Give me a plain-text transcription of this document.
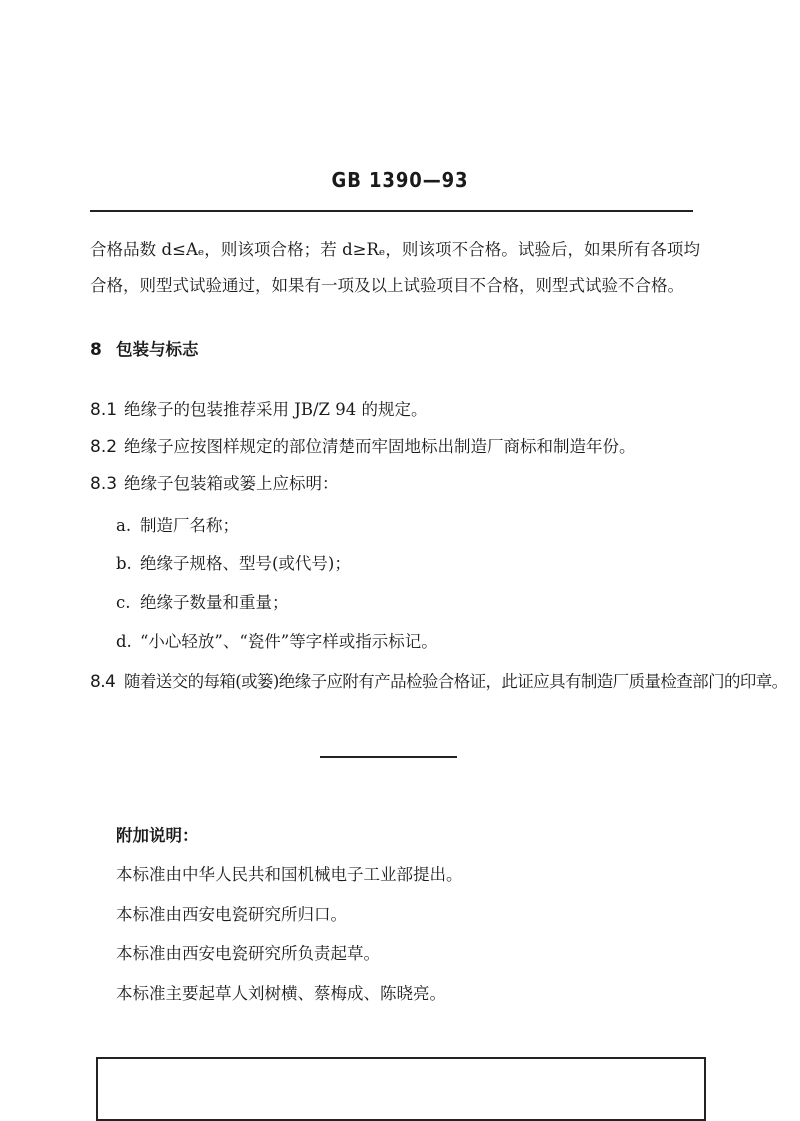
GB 1390—93
合格品数 d≤Aₑ，则该项合格；若 d≥Rₑ，则该项不合格。试验后，如果所有各项均合格，则型式试验通过，如果有一项及以上试验项目不合格，则型式试验不合格。
8 包装与标志
8.1 绝缘子的包装推荐采用 JB/Z 94 的规定。
8.2 绝缘子应按图样规定的部位清楚而牢固地标出制造厂商标和制造年份。
8.3 绝缘子包装箱或篓上应标明：
a. 制造厂名称；
b. 绝缘子规格、型号(或代号)；
c. 绝缘子数量和重量；
d. “小心轻放”、“瓷件”等字样或指示标记。
8.4 随着送交的每箱(或篓)绝缘子应附有产品检验合格证，此证应具有制造厂质量检查部门的印章。
附加说明：
本标准由中华人民共和国机械电子工业部提出。
本标准由西安电瓷研究所归口。
本标准由西安电瓷研究所负责起草。
本标准主要起草人刘树横、蔡梅成、陈晓亮。
